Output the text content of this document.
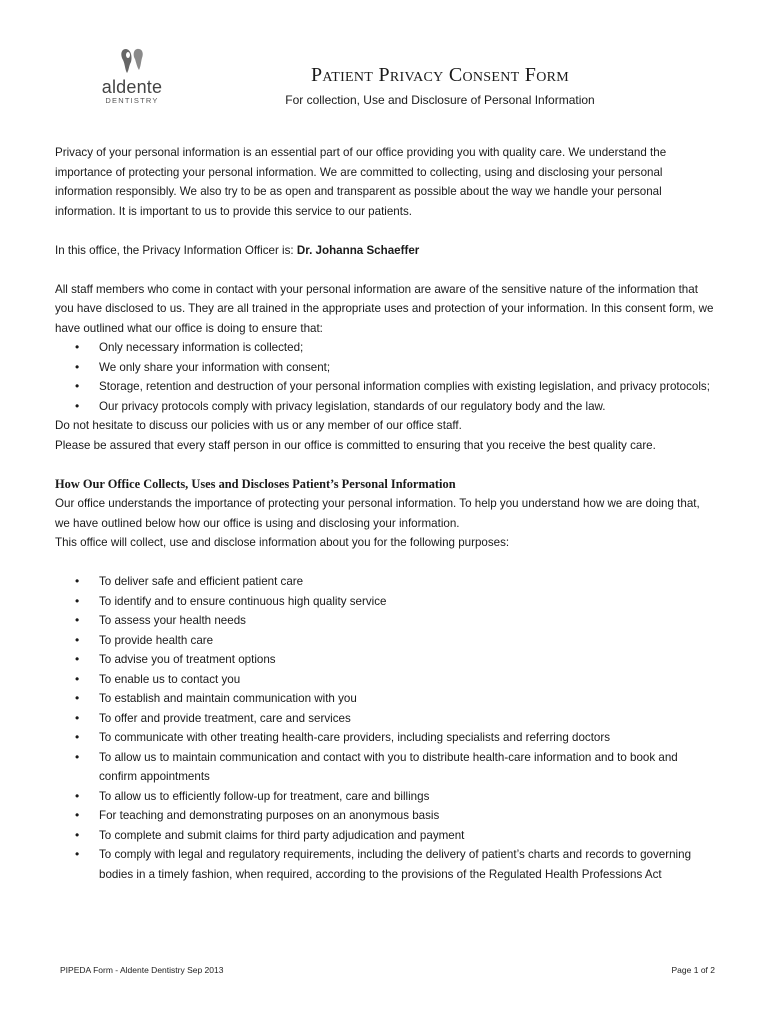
aldente
DENTISTRY
Patient Privacy Consent Form
For collection, Use and Disclosure of Personal Information

Privacy of your personal information is an essential part of our office providing you with quality care. We understand the importance of protecting your personal information. We are committed to collecting, using and disclosing your personal information responsibly. We also try to be as open and transparent as possible about the way we handle your personal information. It is important to us to provide this service to our patients.

In this office, the Privacy Information Officer is: Dr. Johanna Schaeffer

All staff members who come in contact with your personal information are aware of the sensitive nature of the information that you have disclosed to us. They are all trained in the appropriate uses and protection of your information. In this consent form, we have outlined what our office is doing to ensure that:

• Only necessary information is collected;
• We only share your information with consent;
• Storage, retention and destruction of your personal information complies with existing legislation, and privacy protocols;
• Our privacy protocols comply with privacy legislation, standards of our regulatory body and the law.

Do not hesitate to discuss our policies with us or any member of our office staff.

Please be assured that every staff person in our office is committed to ensuring that you receive the best quality care.

How Our Office Collects, Uses and Discloses Patient’s Personal Information

Our office understands the importance of protecting your personal information. To help you understand how we are doing that, we have outlined below how our office is using and disclosing your information.

This office will collect, use and disclose information about you for the following purposes:

• To deliver safe and efficient patient care
• To identify and to ensure continuous high quality service
• To assess your health needs
• To provide health care
• To advise you of treatment options
• To enable us to contact you
• To establish and maintain communication with you
• To offer and provide treatment, care and services
• To communicate with other treating health-care providers, including specialists and referring doctors
• To allow us to maintain communication and contact with you to distribute health-care information and to book and confirm appointments
• To allow us to efficiently follow-up for treatment, care and billings
• For teaching and demonstrating purposes on an anonymous basis
• To complete and submit claims for third party adjudication and payment
• To comply with legal and regulatory requirements, including the delivery of patient’s charts and records to governing bodies in a timely fashion, when required, according to the provisions of the Regulated Health Professions Act
PIPEDA Form - Aldente Dentistry Sep 2013	Page 1 of 2
